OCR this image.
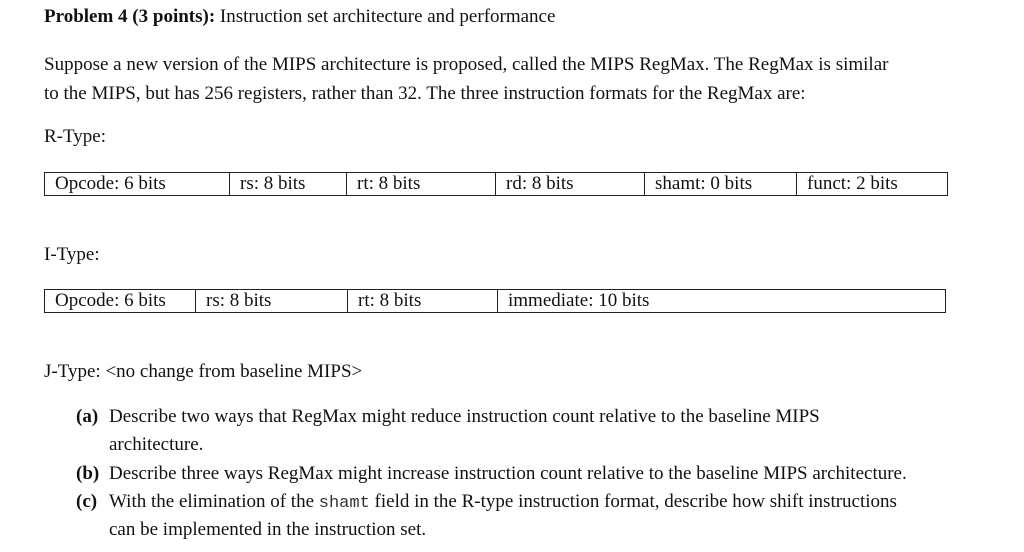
Problem 4 (3 points): Instruction set architecture and performance
Suppose a new version of the MIPS architecture is proposed, called the MIPS RegMax. The RegMax is similar
to the MIPS, but has 256 registers, rather than 32. The three instruction formats for the RegMax are:
R-Type:
Opcode: 6 bits	rs: 8 bits	rt: 8 bits	rd: 8 bits	shamt: 0 bits	funct: 2 bits
I-Type:
Opcode: 6 bits	rs: 8 bits	rt: 8 bits	immediate: 10 bits
J-Type: <no change from baseline MIPS>
(a) Describe two ways that RegMax might reduce instruction count relative to the baseline MIPS
architecture.
(b) Describe three ways RegMax might increase instruction count relative to the baseline MIPS architecture.
(c) With the elimination of the shamt field in the R-type instruction format, describe how shift instructions
can be implemented in the instruction set.
